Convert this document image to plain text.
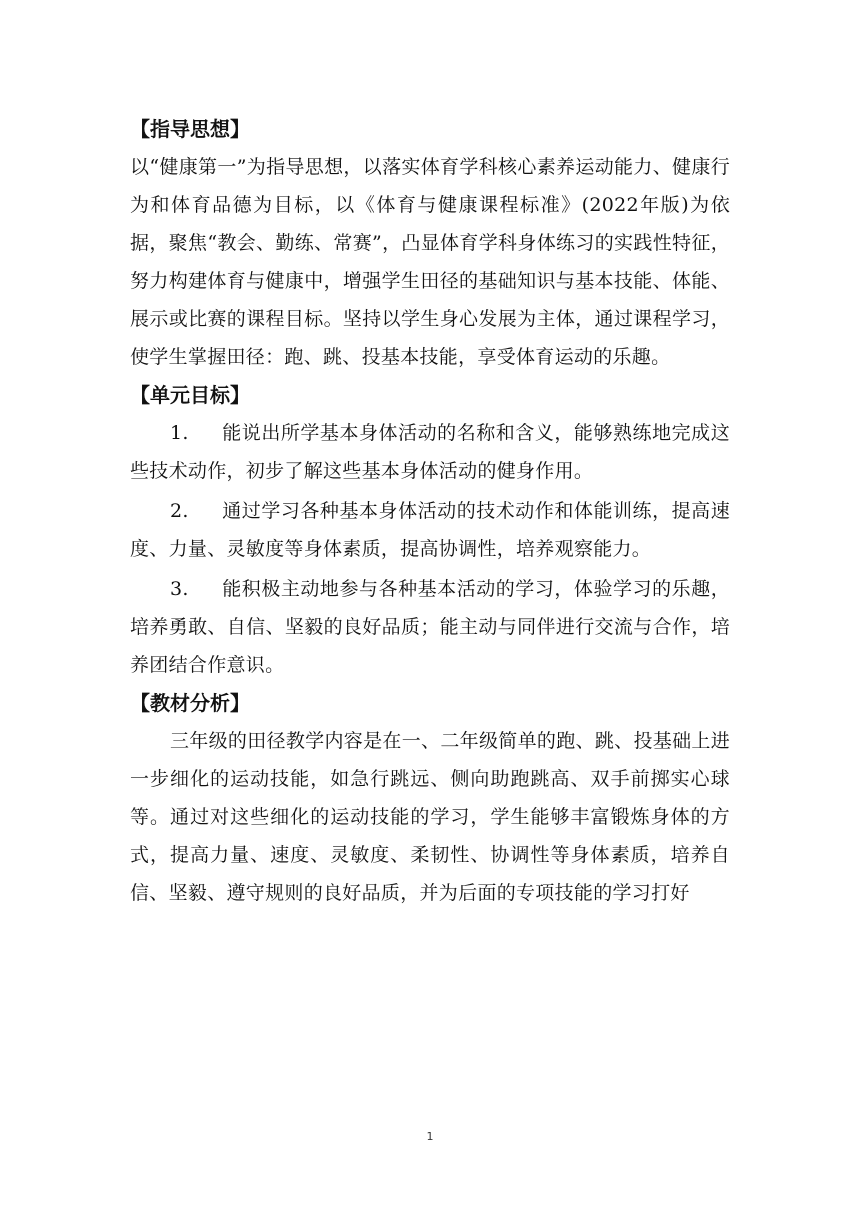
【指导思想】

以“健康第一”为指导思想，以落实体育学科核心素养运动能力、健康行为和体育品德为目标，以《体育与健康课程标准》(2022年版)为依据，聚焦“教会、勤练、常赛”，凸显体育学科身体练习的实践性特征，努力构建体育与健康中，增强学生田径的基础知识与基本技能、体能、展示或比赛的课程目标。坚持以学生身心发展为主体，通过课程学习，使学生掌握田径：跑、跳、投基本技能，享受体育运动的乐趣。

【单元目标】

1. 能说出所学基本身体活动的名称和含义，能够熟练地完成这些技术动作，初步了解这些基本身体活动的健身作用。

2. 通过学习各种基本身体活动的技术动作和体能训练，提高速度、力量、灵敏度等身体素质，提高协调性，培养观察能力。

3. 能积极主动地参与各种基本活动的学习，体验学习的乐趣，培养勇敢、自信、坚毅的良好品质；能主动与同伴进行交流与合作，培养团结合作意识。

【教材分析】

三年级的田径教学内容是在一、二年级简单的跑、跳、投基础上进一步细化的运动技能，如急行跳远、侧向助跑跳高、双手前掷实心球等。通过对这些细化的运动技能的学习，学生能够丰富锻炼身体的方式，提高力量、速度、灵敏度、柔韧性、协调性等身体素质，培养自信、坚毅、遵守规则的良好品质，并为后面的专项技能的学习打好

1
